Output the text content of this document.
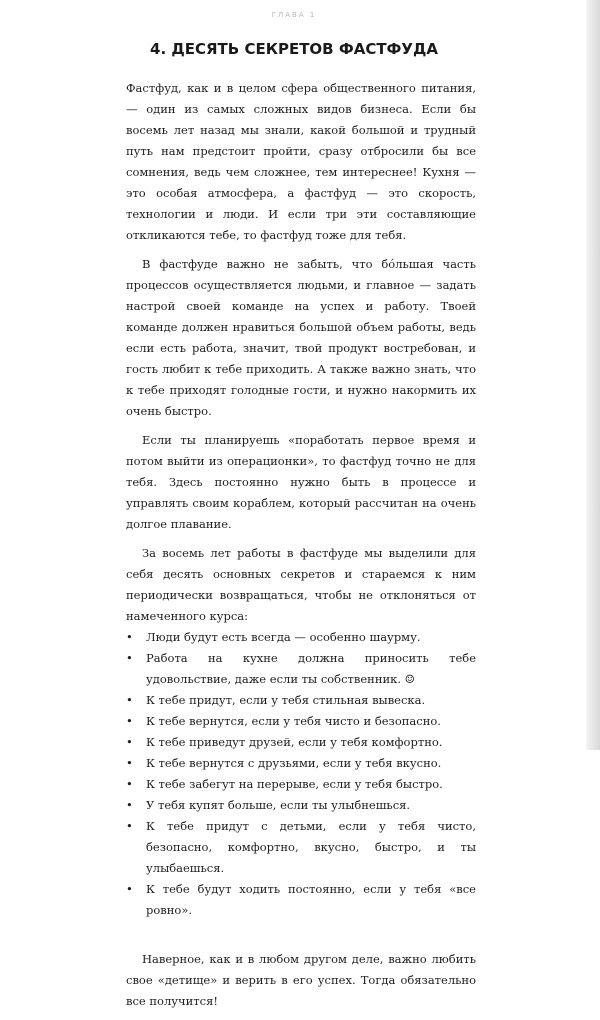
ГЛАВА 1
4. ДЕСЯТЬ СЕКРЕТОВ ФАСТФУДА

Фастфуд, как и в целом сфера общественного питания, — один из самых сложных видов бизнеса. Если бы восемь лет назад мы знали, какой большой и трудный путь нам предстоит пройти, сразу отбросили бы все сомнения, ведь чем сложнее, тем интереснее! Кухня — это особая атмосфера, а фастфуд — это скорость, технологии и люди. И если три эти составляющие откликаются тебе, то фастфуд тоже для тебя.

В фастфуде важно не забыть, что бóльшая часть процессов осуществляется людьми, и главное — задать настрой своей команде на успех и работу. Твоей команде должен нравиться большой объем работы, ведь если есть работа, значит, твой продукт востребован, и гость любит к тебе приходить. А также важно знать, что к тебе приходят голодные гости, и нужно накормить их очень быстро.

Если ты планируешь «поработать первое время и потом выйти из операционки», то фастфуд точно не для тебя. Здесь постоянно нужно быть в процессе и управлять своим кораблем, который рассчитан на очень долгое плавание.

За восемь лет работы в фастфуде мы выделили для себя десять основных секретов и стараемся к ним периодически возвращаться, чтобы не отклоняться от намеченного курса:

• Люди будут есть всегда — особенно шаурму.
• Работа на кухне должна приносить тебе удовольствие, даже если ты собственник. ☺
• К тебе придут, если у тебя стильная вывеска.
• К тебе вернутся, если у тебя чисто и безопасно.
• К тебе приведут друзей, если у тебя комфортно.
• К тебе вернутся с друзьями, если у тебя вкусно.
• К тебе забегут на перерыве, если у тебя быстро.
• У тебя купят больше, если ты улыбнешься.
• К тебе придут с детьми, если у тебя чисто, безопасно, комфортно, вкусно, быстро, и ты улыбаешься.
• К тебе будут ходить постоянно, если у тебя «все ровно».

Наверное, как и в любом другом деле, важно любить свое «детище» и верить в его успех. Тогда обязательно все получится!
